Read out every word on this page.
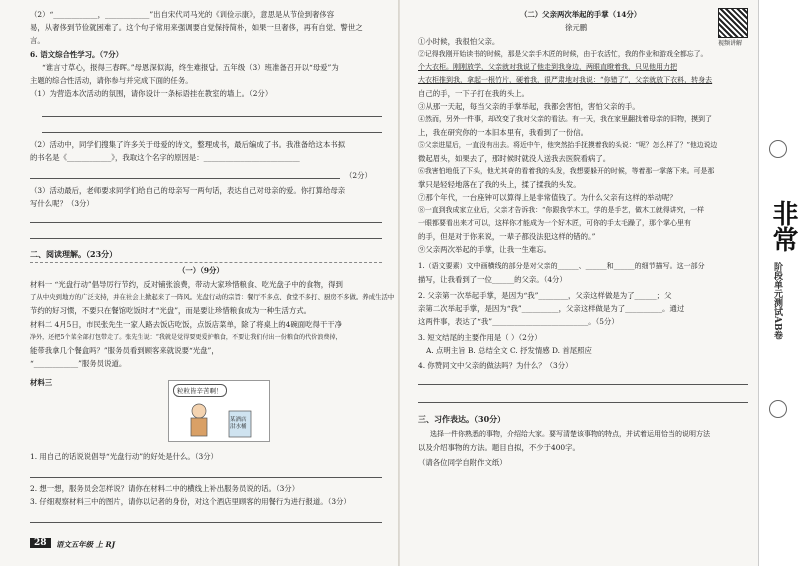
（2）“____________，____________”出自宋代司马光的《训俭示康》，意思是从节俭到奢侈容
易，从奢侈到节俭就困难了。这个句子常用来强调要自觉保持简朴，如果一旦奢侈，再有自觉、警世之
言。
6. 语文综合性学习。（7分）
“谁言寸草心，报得三春晖。”母恩深似海，终生难报답。五年级（3）班准备召开以“母爱”为
主题的综合性活动，请你参与并完成下面的任务。
（1）为营造本次活动的氛围，请你设计一条标语挂在教室的墙上。（2分）
（2）活动中，同学们搜集了许多关于母爱的诗文，整理成书，最后编成了书。我准备给这本书拟
的书名是《____________》，我取这个名字的原因是：__________________________
（2分）
（3）活动最后，老师要求同学们给自己的母亲写一两句话，表达自己对母亲的爱。你打算给母亲
写什么呢？（3分）
二、阅读理解。（23分）
（一）（9分）
材料一 “光盘行动”倡导厉行节约，反对铺张浪费，带动大家珍惜粮食、吃光盘子中的食物，得到
了从中央到地方的广泛支持，并在社会上掀起来了一阵风。光盘行动的宗旨：餐厅不多点、食堂不多打、厨房不多做。养成生活中
节约的好习惯，不要只在餐馆吃饭时才“光盘”，而是要让珍惜粮食成为一种生活方式。
材料二 4月5日，市民张先生一家人路去饭店吃饭，点饭店菜单，除了将桌上的4碗面吃得干干净
净外，还把5个菜全部打包带走了。张先生说：“我就是觉得要更爱护粮食，不要让我们付出一份粮食的代价浪费掉，
能带我拿几个餐盒吗？”服务员看到顾客来就说要“光盘”，
“____________”服务员说道。
材料三
粒粒皆辛苦啊！
某酒店 泔水桶
1. 用自己的话说说倡导“光盘行动”的好处是什么。（3分）
2. 想一想，服务员会怎样说？请你在材料二中的横线上补出服务员说的话。（3分）
3. 仔细观察材料三中的图片，请你以记者的身份，对这个酒店里顾客的用餐行为进行报道。（3分）
28	语文五年级 上 RJ
（二）父亲两次举起的手掌（14分）
徐元鹏
视频讲解
①小时候，我很怕父亲。
②记得我刚开始读书的时候，那是父亲手木匠的时候，由于农活忙，我的作业和游戏全都忘了。
个大衣柜。刚刚放学，父亲就对我说了他走到我身边，两眼直瞪着我，只见他用力把
大衣柜推到我，拿起一根竹片，硬着我，很严肃地对我说：“你错了”，父亲就放下衣料，转身去
自己的手，一下子打在我的头上。
③从那一天起，每当父亲的手掌举起，我都会害怕，害怕父亲的手。
④然而，另外一件事，却改变了我对父亲的看法。有一天，我在家里翻找着母亲的旧物，摸到了
上，我在研究你的一本旧本里有，我看到了一份信。
⑤父亲进屋后，一直没有出去。将近中午，他突然抬手抚摸着我的头说：“呢？怎么样了？”他边说边
微起眉头，如果去了，那时候时就没人送我去医院看病了。
⑥我害怕地低了下头，他尤其奇的看着我的头发，我想要躲开的时候，等着那一掌落下来。可是那
掌只是轻轻地落在了我的头上，揉了揉我的头发。
⑦那个年代，一台座钟可以算得上是非常值钱了。为什么父亲有这样的举动呢？
⑧一直到我成家立业后，父亲才告诉我：“你跟我学木工，学的是手艺，做木工就得讲究，一样
一眼都要看出来才可以，这样你才能成为一个好木匠，可你的手太毛躁了，那个掌心里有
的手，但是对于你来说，一辈子都没法犯这样的错的。”
⑨父亲两次举起的手掌，让我一生难忘。
1.（语文要素）文中画横线的部分是对父亲的______、______和______的细节描写。这一部分
描写，让我看到了一位______的父亲。（4分）
2. 父亲第一次举起手掌，是因为“我”________，父亲这样做是为了______；父
亲第二次举起手掌，是因为“我”__________，父亲这样做是为了__________。通过
这两件事，表达了“我”__________________________。（5分）
3. 短文结尾的主要作用是（ ）（2分）
A. 点明主旨 B. 总结全文 C. 抒发情感 D. 首尾照应
4. 你赞同文中父亲的做法吗？为什么？（3分）
三、习作表达。（30分）
选择一件你熟悉的事物，介绍给大家。要写清楚该事物的特点，并试着运用恰当的说明方法
以及介绍事物的方法。题目自拟，不少于400字。
（请各位同学自附作文纸）
非常
阶段单元测试AB卷
